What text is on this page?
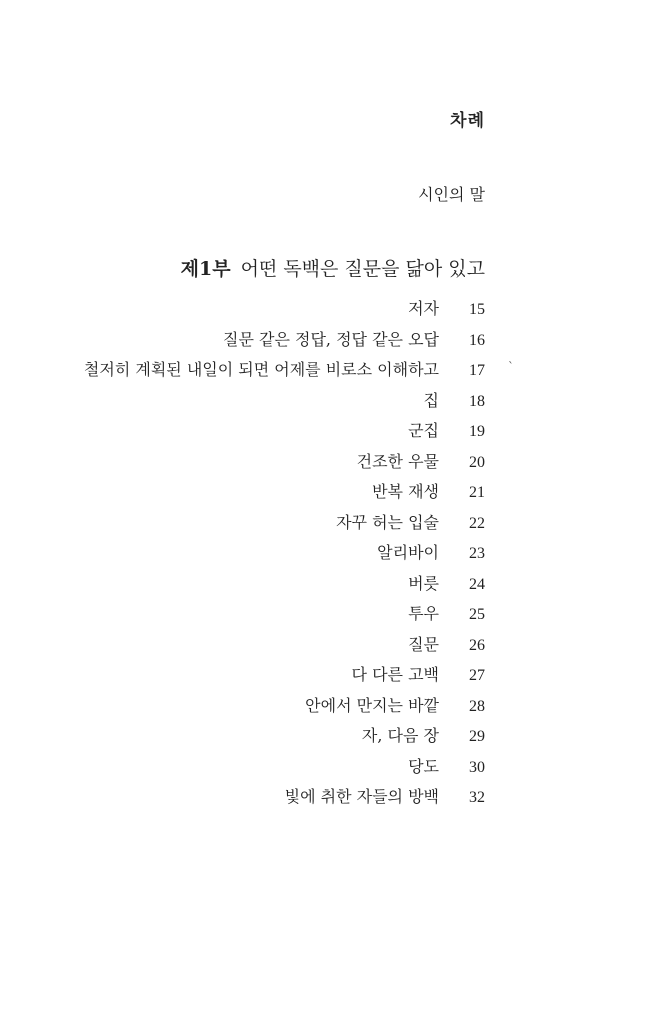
차례
시인의 말
제1부 어떤 독백은 질문을 닮아 있고
저자	15
질문 같은 정답, 정답 같은 오답	16
철저히 계획된 내일이 되면 어제를 비로소 이해하고	17
집	18
군집	19
건조한 우물	20
반복 재생	21
자꾸 허는 입술	22
알리바이	23
버릇	24
투우	25
질문	26
다 다른 고백	27
안에서 만지는 바깥	28
자, 다음 장	29
당도	30
빛에 취한 자들의 방백	32
`
